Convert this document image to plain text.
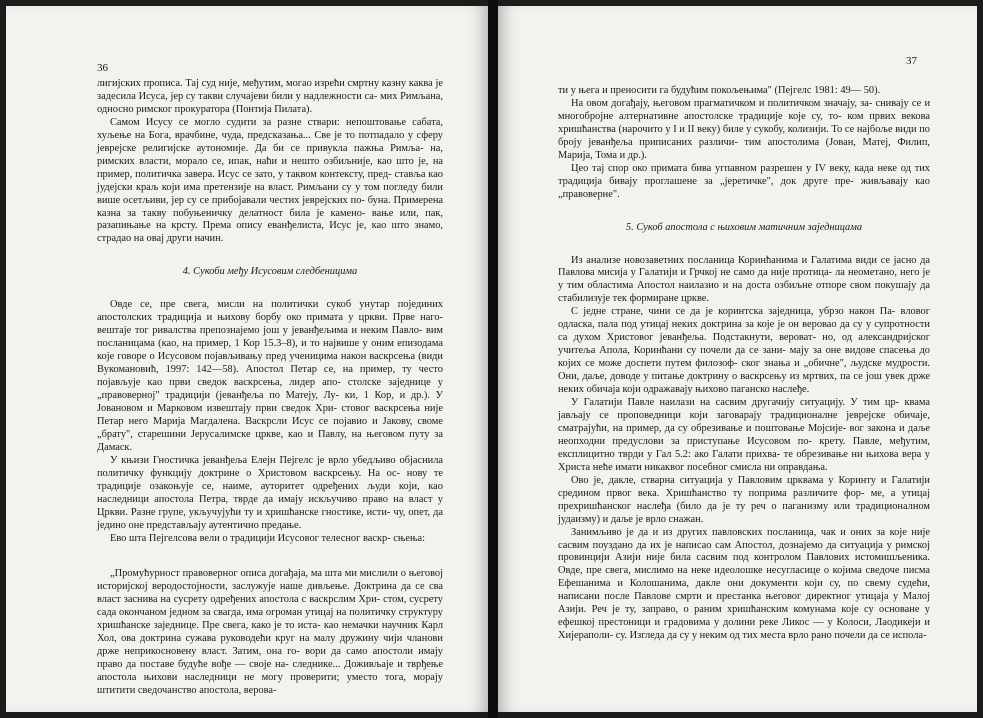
36

лигијских прописа. Тај суд није, међутим, могао изрећи смртну казну каква је задесила Исуса, јер су такви случајеви били у надлежности са- мих Римљана, односно римског прокуратора (Понтија Пилата).

Самом Исусу се могло судити за разне ствари: непоштовање сабата, хуљење на Бога, врачбине, чуда, предсказања... Све је то потпадало у сферу јеврејске религијске аутономије. Да би се привукла пажња Римља- на, римских власти, морало се, ипак, наћи и нешто озбиљније, као што је, на пример, политичка завера. Исус се зато, у таквом контексту, пред- ставља као јудејски краљ који има претензије на власт. Римљани су у том погледу били више осетљиви, јер су се прибојавали честих јеврејских по- буна. Примерена казна за такву побуњеничку делатност била је камено- вање или, пак, разапињање на крсту. Према опису еванђелиста, Исус је, као што знамо, страдао на овај други начин.

4. Сукоби међу Исусовим следбеницима

Овде се, пре свега, мисли на политички сукоб унутар појединих апостолских традиција и њихову борбу око примата у цркви. Прве наго- вештаје тог ривалства препознајемо још у јеванђељима и неким Павло- вим посланицама (као, на пример, 1 Кор 15.3–8), и то највише у оним епизодама које говоре о Исусовом појављивању пред ученицима након васкрсења (види Вукомановић, 1997: 142—58). Апостол Петар се, на пример, ту често појављује као први сведок васкрсења, лидер апо- столске заједнице у „правоверној" традицији (јеванђеља по Матеју, Лу- ки, 1 Кор, и др.). У Јовановом и Марковом извештају први сведок Хри- стовог васкрсења није Петар него Марија Магдалена. Васкрсли Исус се појавио и Јакову, своме „брату", старешини Јерусалимске цркве, као и Павлу, на његовом путу за Дамаск.

У књизи Гностичка јеванђеља Елејн Пејгелс је врло убедљиво објаснила политичку функцију доктрине о Христовом васкрсењу. На ос- нову те традиције озакоњује се, наиме, ауторитет одређених људи који, као наследници апостола Петра, тврде да имају искључиво право на власт у Цркви. Разне групе, укључујући ту и хришћанске гностике, исти- чу, опет, да једино оне представљају аутентично предање.

Ево шта Пејгелсова вели о традицији Исусовог телесног васкр- сњења:

„Промућурност правоверног описа догађаја, ма шта ми мислили о његовој историјској веродостојности, заслужује наше дивљење. Доктрина да се сва власт заснива на сусрету одређених апостола с васкрслим Хри- стом, сусрету сада окончаном једном за свагда, има огроман утицај на политичку структуру хришћанске заједнице. Пре свега, како је то иста- као немачки научник Карл Хол, ова доктрина сужава руководећи круг на малу дружину чији чланови држе неприкосновену власт. Затим, она го- вори да само апостоли имају право да поставе будуће вође — своје на- следнике... Доживљаје и тврђење апостола њихови наследници не могу проверити; уместо тога, морају штитити сведочанство апостола, верова-

37

ти у њега и преносити га будућим покољењима" (Пејгелс 1981: 49— 50).

На овом догађају, његовом прагматичком и политичком значају, за- снивају се и многобројне алтернативне апостолске традиције које су, то- ком првих векова хришћанства (нарочито у I и II веку) биле у сукобу, колизији. То се најбоље види по броју јеванђеља приписаних различи- тим апостолима (Јован, Матеј, Филип, Марија, Тома и др.).

Цео тај спор око примата бива угпавном разрешен у IV веку, када неке од тих традиција бивају проглашене за „јеретичке", док друге пре- живљавају као „правоверне".

5. Сукоб апостола с њиховим матичним заједницама

Из анализе новозаветних посланица Коринћанима и Галатима види се јасно да Павлова мисија у Галатији и Грчкој не само да није протица- ла неометано, него је у тим областима Апостол наилазио и на доста озбиљне отпоре свом покушају да стабилизује тек формиране цркве.

С једне стране, чини се да је коринтска заједница, убрзо након Па- вловог одласка, пала под утицај неких доктрина за које је он веровао да су у супротности са духом Христовог јеванђеља. Подстакнути, вероват- но, од александријског учитеља Апола, Коринћани су почели да се зани- мају за оне видове спасења до којих се може доспети путем филозоф- ског знања и „обичне", људске мудрости. Они, даље, доводе у питање доктрину о васкрсењу из мртвих, па се још увек држе неких обичаја који одражавају њихово паганско наслеђе.

У Галатији Павле наилази на сасвим другачију ситуацију. У тим цр- квама јављају се проповедници који заговарају традиционалне јеврејске обичаје, сматрајући, на пример, да су обрезивање и поштовање Мојсије- вог закона и даље неопходни предуслови за приступање Исусовом по- крету. Павле, међутим, експлицитно тврди у Гал 5.2: ако Галати прихва- те обрезивање ни њихова вера у Христа неће имати никаквог посебног смисла ни оправдања.

Ово је, дакле, стварна ситуација у Павловим црквама у Коринту и Галатији средином првог века. Хришћанство ту поприма различите фор- ме, а утицај прехришћанског наслеђа (било да је ту реч о паганизму или традиционалном јудаизму) и даље је врло снажан.

Занимљиво је да и из других павловских посланица, чак и оних за које није сасвим поуздано да их је написао сам Апостол, дознајемо да ситуација у римској провинцији Азији није била сасвим под контролом Павлових истомишљеника. Овде, пре свега, мислимо на неке идеолошке несугласице о којима сведоче писма Ефешанима и Колошанима, дакле они документи који су, по свему судећи, написани после Павлове смрти и престанка његовог директног утицаја у Малој Азији. Реч је ту, заправо, о раним хришћанским комунама које су основане у ефешкој престоници и градовима у долини реке Ликос — у Колоси, Лаодикеји и Хијерапoли- су. Изгледа да су у неким од тих места врло рано почели да се испола-
